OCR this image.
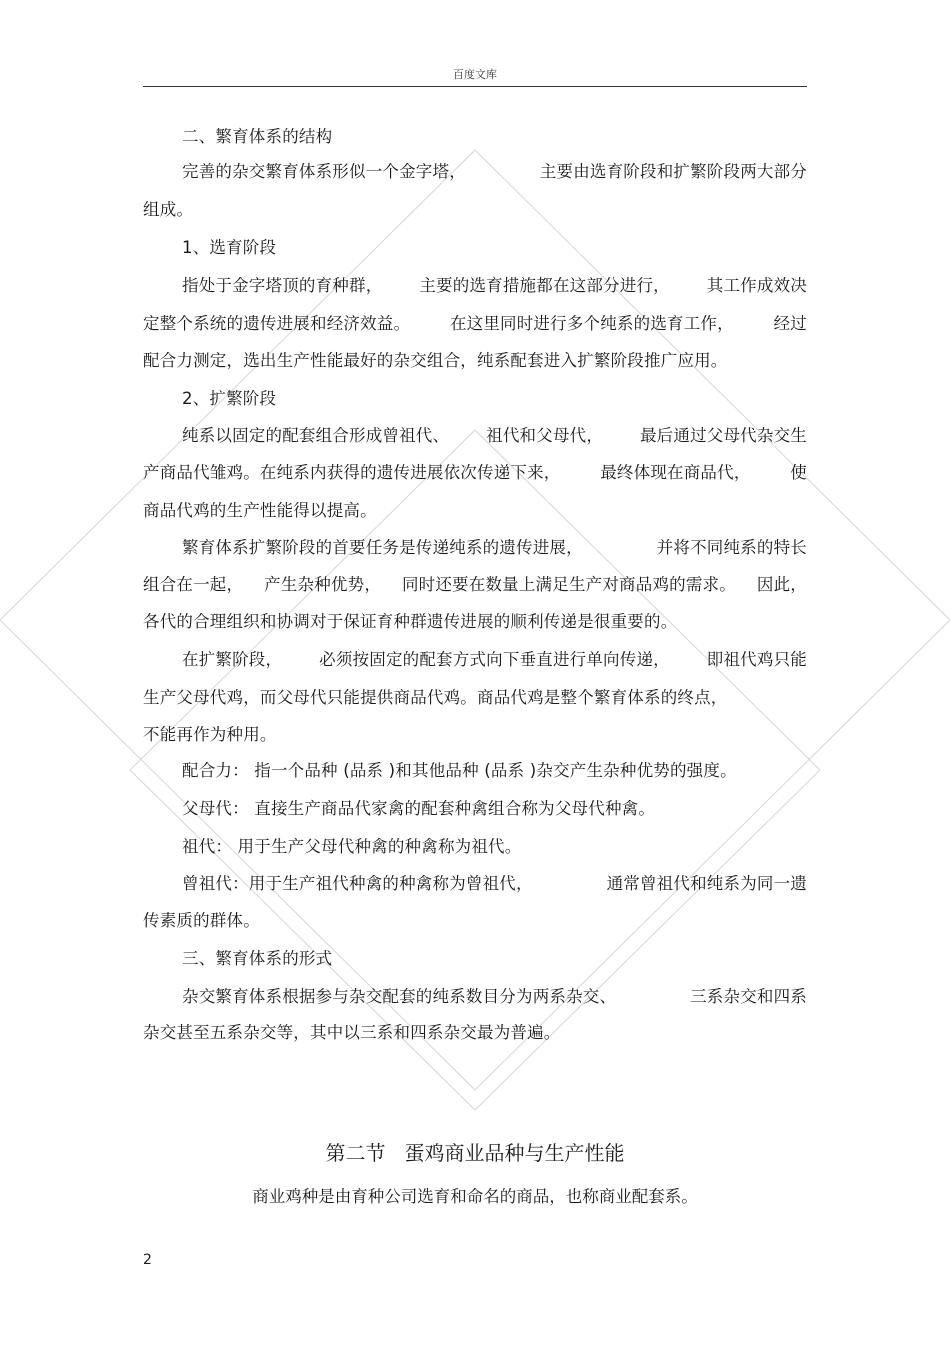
百度文库
二、繁育体系的结构
完善的杂交繁育体系形似一个金字塔，	主要由选育阶段和扩繁阶段两大部分
组成。
1、选育阶段
指处于金字塔顶的育种群， 主要的选育措施都在这部分进行， 其工作成效决
定整个系统的遗传进展和经济效益。 在这里同时进行多个纯系的选育工作， 经过
配合力测定，选出生产性能最好的杂交组合，纯系配套进入扩繁阶段推广应用。
2、扩繁阶段
纯系以固定的配套组合形成曾祖代、 祖代和父母代， 最后通过父母代杂交生
产商品代雏鸡。在纯系内获得的遗传进展依次传递下来， 最终体现在商品代， 使
商品代鸡的生产性能得以提高。
繁育体系扩繁阶段的首要任务是传递纯系的遗传进展，	并将不同纯系的特长
组合在一起， 产生杂种优势， 同时还要在数量上满足生产对商品鸡的需求。 因此，
各代的合理组织和协调对于保证育种群遗传进展的顺利传递是很重要的。
在扩繁阶段， 必须按固定的配套方式向下垂直进行单向传递， 即祖代鸡只能
生产父母代鸡，而父母代只能提供商品代鸡。商品代鸡是整个繁育体系的终点，
不能再作为种用。
配合力： 指一个品种 (品系 )和其他品种 (品系 )杂交产生杂种优势的强度。
父母代： 直接生产商品代家禽的配套种禽组合称为父母代种禽。
祖代： 用于生产父母代种禽的种禽称为祖代。
曾祖代：用于生产祖代种禽的种禽称为曾祖代，	通常曾祖代和纯系为同一遗
传素质的群体。
三、繁育体系的形式
杂交繁育体系根据参与杂交配套的纯系数目分为两系杂交、	三系杂交和四系
杂交甚至五系杂交等，其中以三系和四系杂交最为普遍。
第二节   蛋鸡商业品种与生产性能
商业鸡种是由育种公司选育和命名的商品，也称商业配套系。
2
